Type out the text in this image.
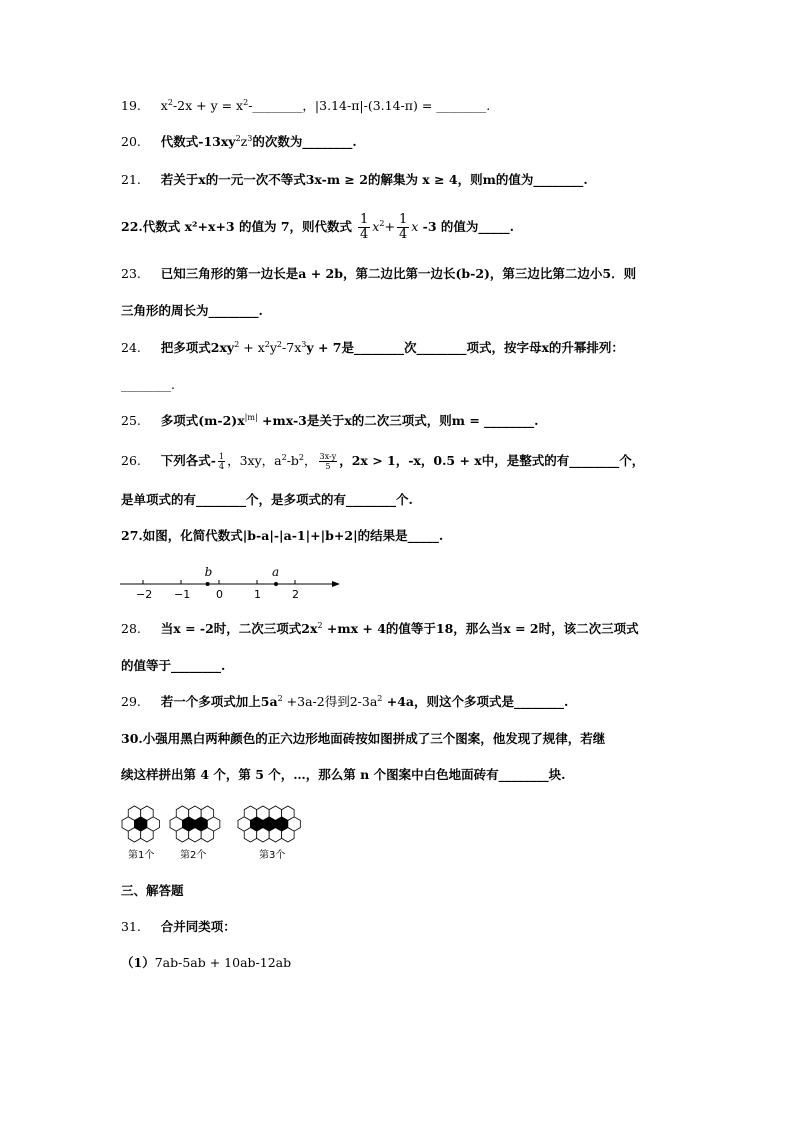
19. $x^2-2x + y$ = $x^2-\_\_\_\_\_\_\_\_$，|3.14-π|-(3.14-π) = ________.
20. 代数式$-13xy^2z^3$的次数为________.
21. 若关于x的一元一次不等式3x-m ≥ 2的解集为 x ≥ 4，则m的值为________.
22.代数式 x²+x+3 的值为 7，则代数式 $\frac{1}{4} x^2+ \frac{1}{4}$ x -3 的值为_____.
23. 已知三角形的第一边长是a + 2b，第二边比第一边长(b-2)，第三边比第二边小5．则
三角形的周长为________.
24. 把多项式$2xy^2 + x^2y^2-7x^3y + 7$是________次________项式，按字母x的升幂排列：
________.
25. 多项式$(m-2)x^{|m|} +mx-3$是关于x的二次三项式，则m = ________.
26. 下列各式- $\frac{1}{4}$ ，3xy，$a^2-b^2$， $\frac{3x-y}{5}$ ，2x > 1，-x，0.5 + x中，是整式的有________个，
是单项式的有________个，是多项式的有________个.
27.如图，化简代数式|b-a|-|a-1|+|b+2|的结果是_____.
−2 −1 0	1	2
b	a
28. 当x = -2时，二次三项式$2x^2 +mx + 4$的值等于18，那么当x = 2时，该二次三项式
的值等于________.
29. 若一个多项式加上$5a^2 +3a-2$得到$2-3a^2 +4a$，则这个多项式是________.
30.小强用黑白两种颜色的正六边形地面砖按如图拼成了三个图案，他发现了规律，若继
续这样拼出第 4 个，第 5 个，…，那么第 n 个图案中白色地面砖有________块.
第1个	第2个	第3个
三、解答题
31. 合并同类项：
（1）7ab-5ab + 10ab-12ab
